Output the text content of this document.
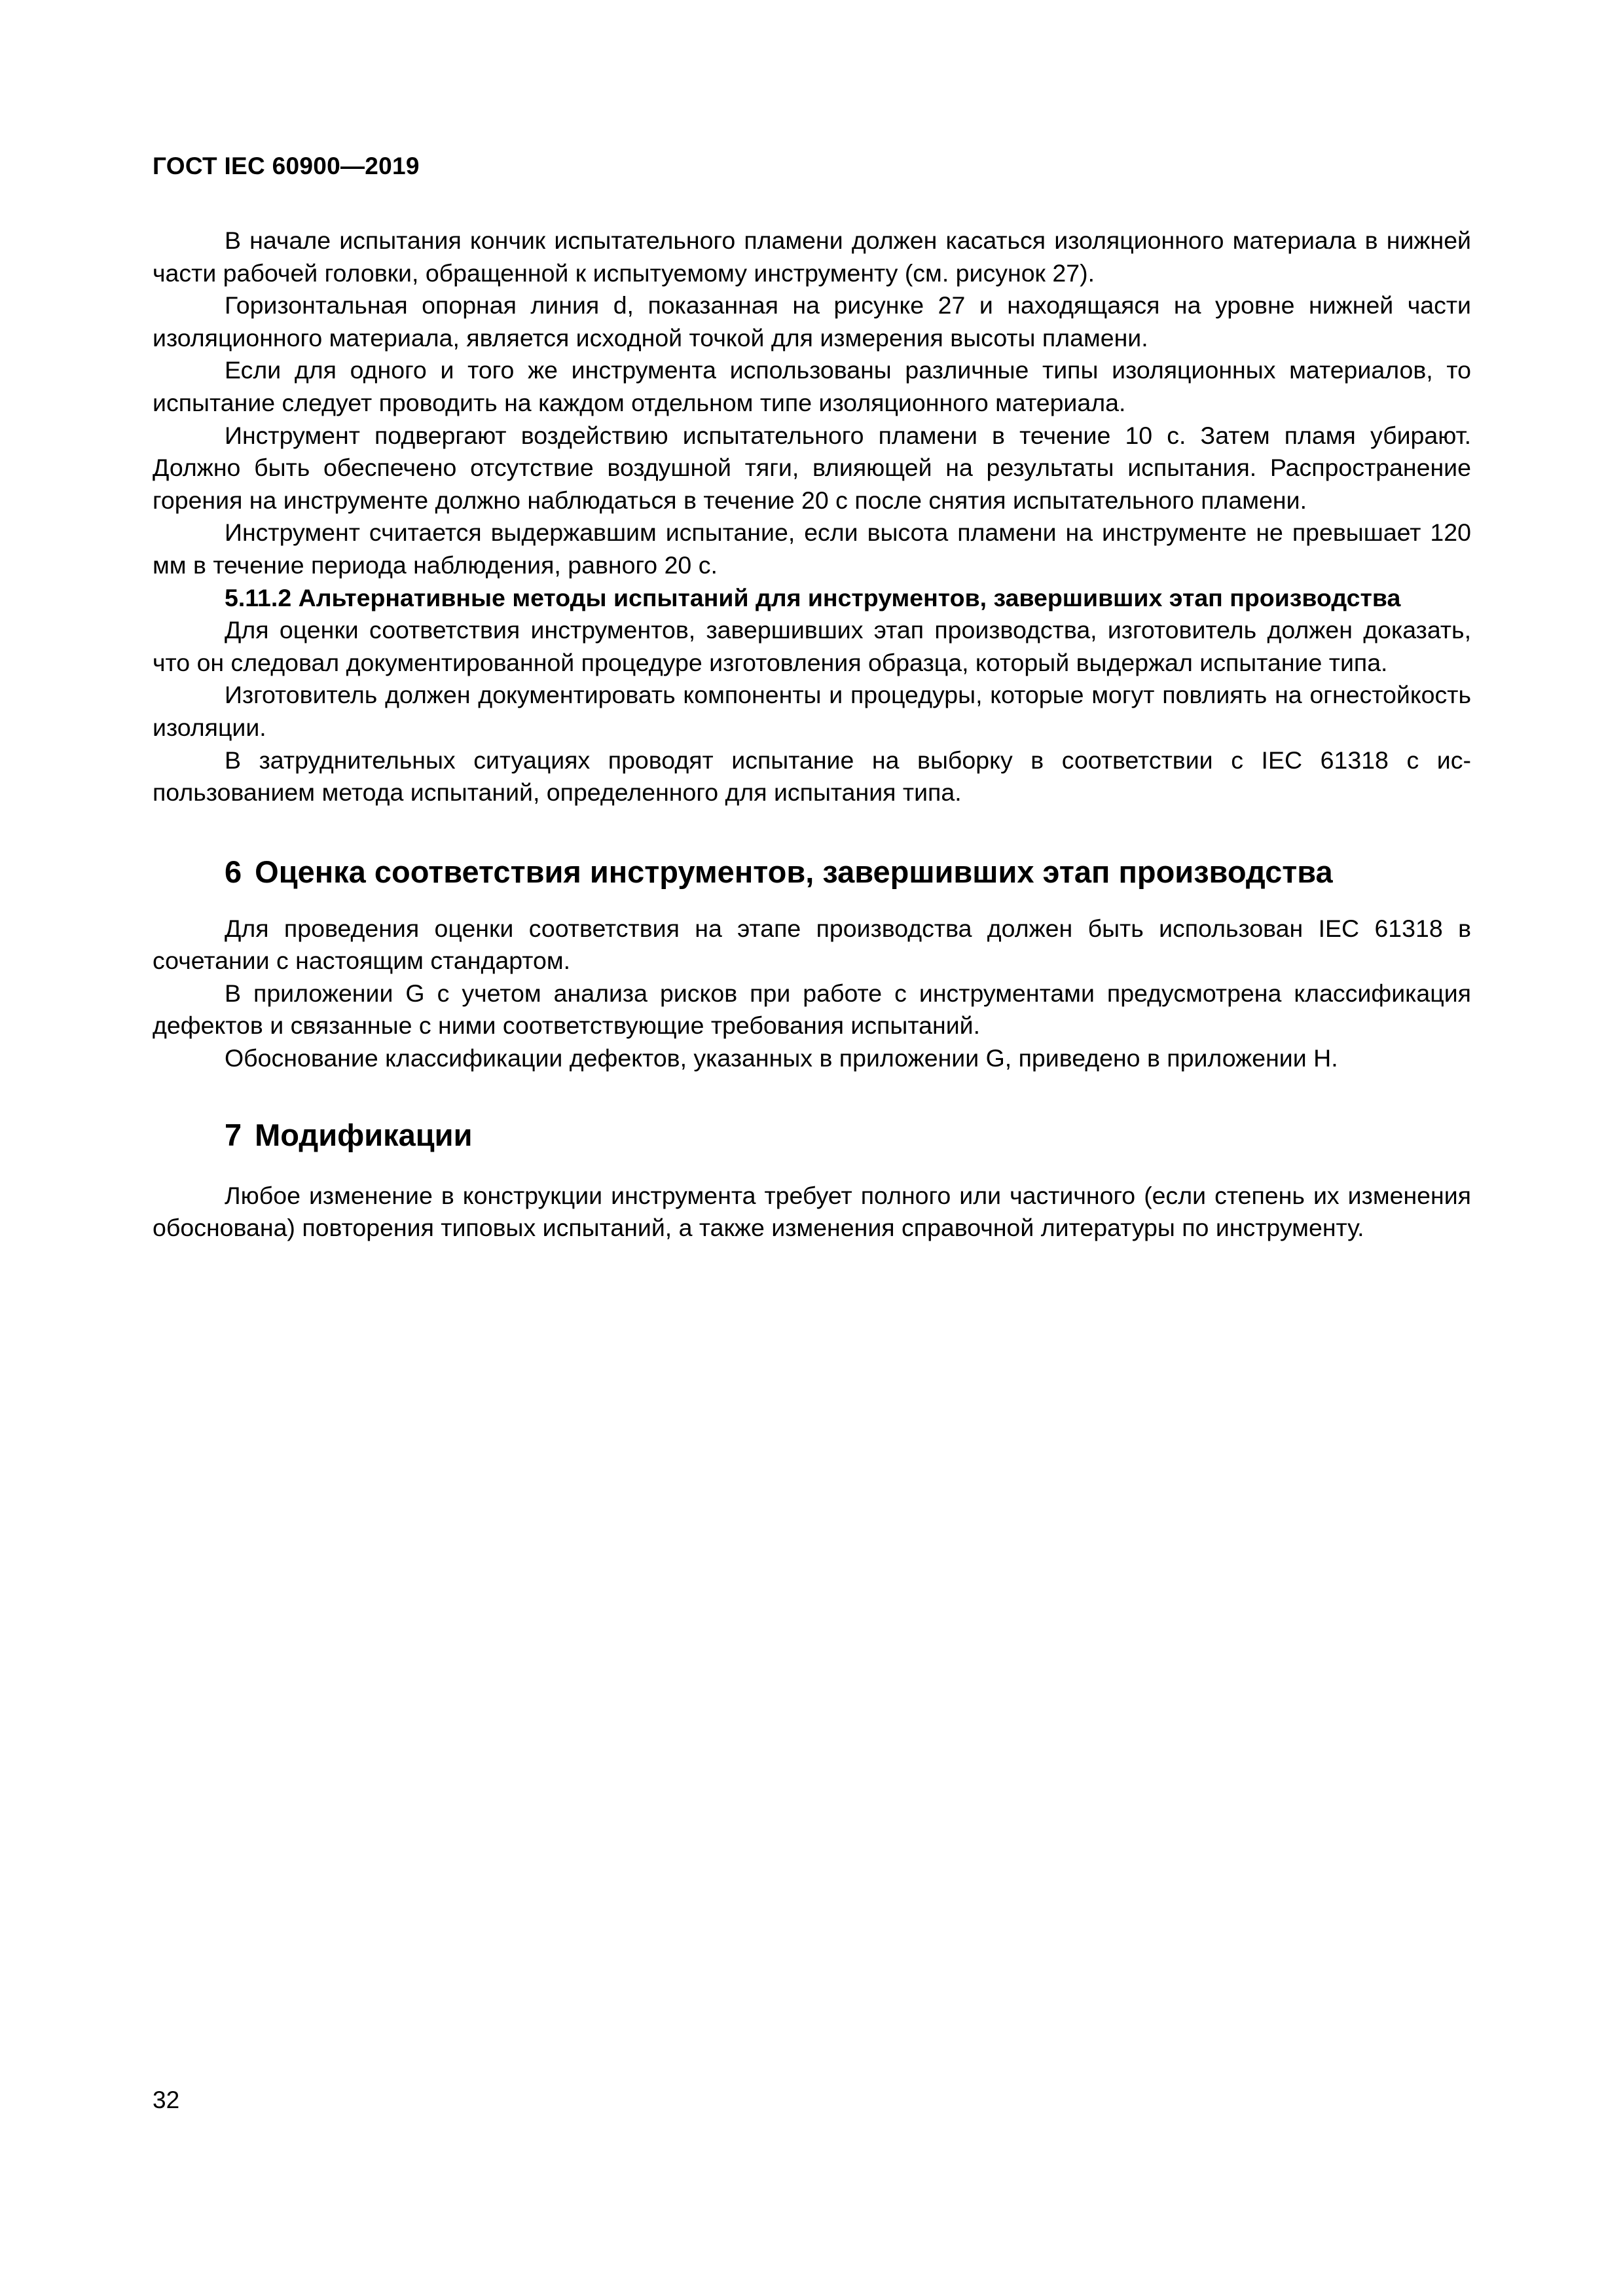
ГОСТ IEC 60900—2019

В начале испытания кончик испытательного пламени должен касаться изоляционного материала в нижней части рабочей головки, обращенной к испытуемому инструменту (см. рисунок 27).

Горизонтальная опорная линия d, показанная на рисунке 27 и находящаяся на уровне нижней части изоляционного материала, является исходной точкой для измерения высоты пламени.

Если для одного и того же инструмента использованы различные типы изоляционных материалов, то испытание следует проводить на каждом отдельном типе изоляционного материала.

Инструмент подвергают воздействию испытательного пламени в течение 10 с. Затем пламя убирают. Должно быть обеспечено отсутствие воздушной тяги, влияющей на результаты испытания. Распространение горения на инструменте должно наблюдаться в течение 20 с после снятия испытательного пламени.

Инструмент считается выдержавшим испытание, если высота пламени на инструменте не превышает 120 мм в течение периода наблюдения, равного 20 с.

5.11.2 Альтернативные методы испытаний для инструментов, завершивших этап производства

Для оценки соответствия инструментов, завершивших этап производства, изготовитель должен доказать, что он следовал документированной процедуре изготовления образца, который выдержал испытание типа.

Изготовитель должен документировать компоненты и процедуры, которые могут повлиять на огнестойкость изоляции.

В затруднительных ситуациях проводят испытание на выборку в соответствии с IEC 61318 с использованием метода испытаний, определенного для испытания типа.

6 Оценка соответствия инструментов, завершивших этап производства

Для проведения оценки соответствия на этапе производства должен быть использован IEC 61318 в сочетании с настоящим стандартом.

В приложении G с учетом анализа рисков при работе с инструментами предусмотрена классификация дефектов и связанные с ними соответствующие требования испытаний.

Обоснование классификации дефектов, указанных в приложении G, приведено в приложении H.

7 Модификации

Любое изменение в конструкции инструмента требует полного или частичного (если степень их изменения обоснована) повторения типовых испытаний, а также изменения справочной литературы по инструменту.

32
